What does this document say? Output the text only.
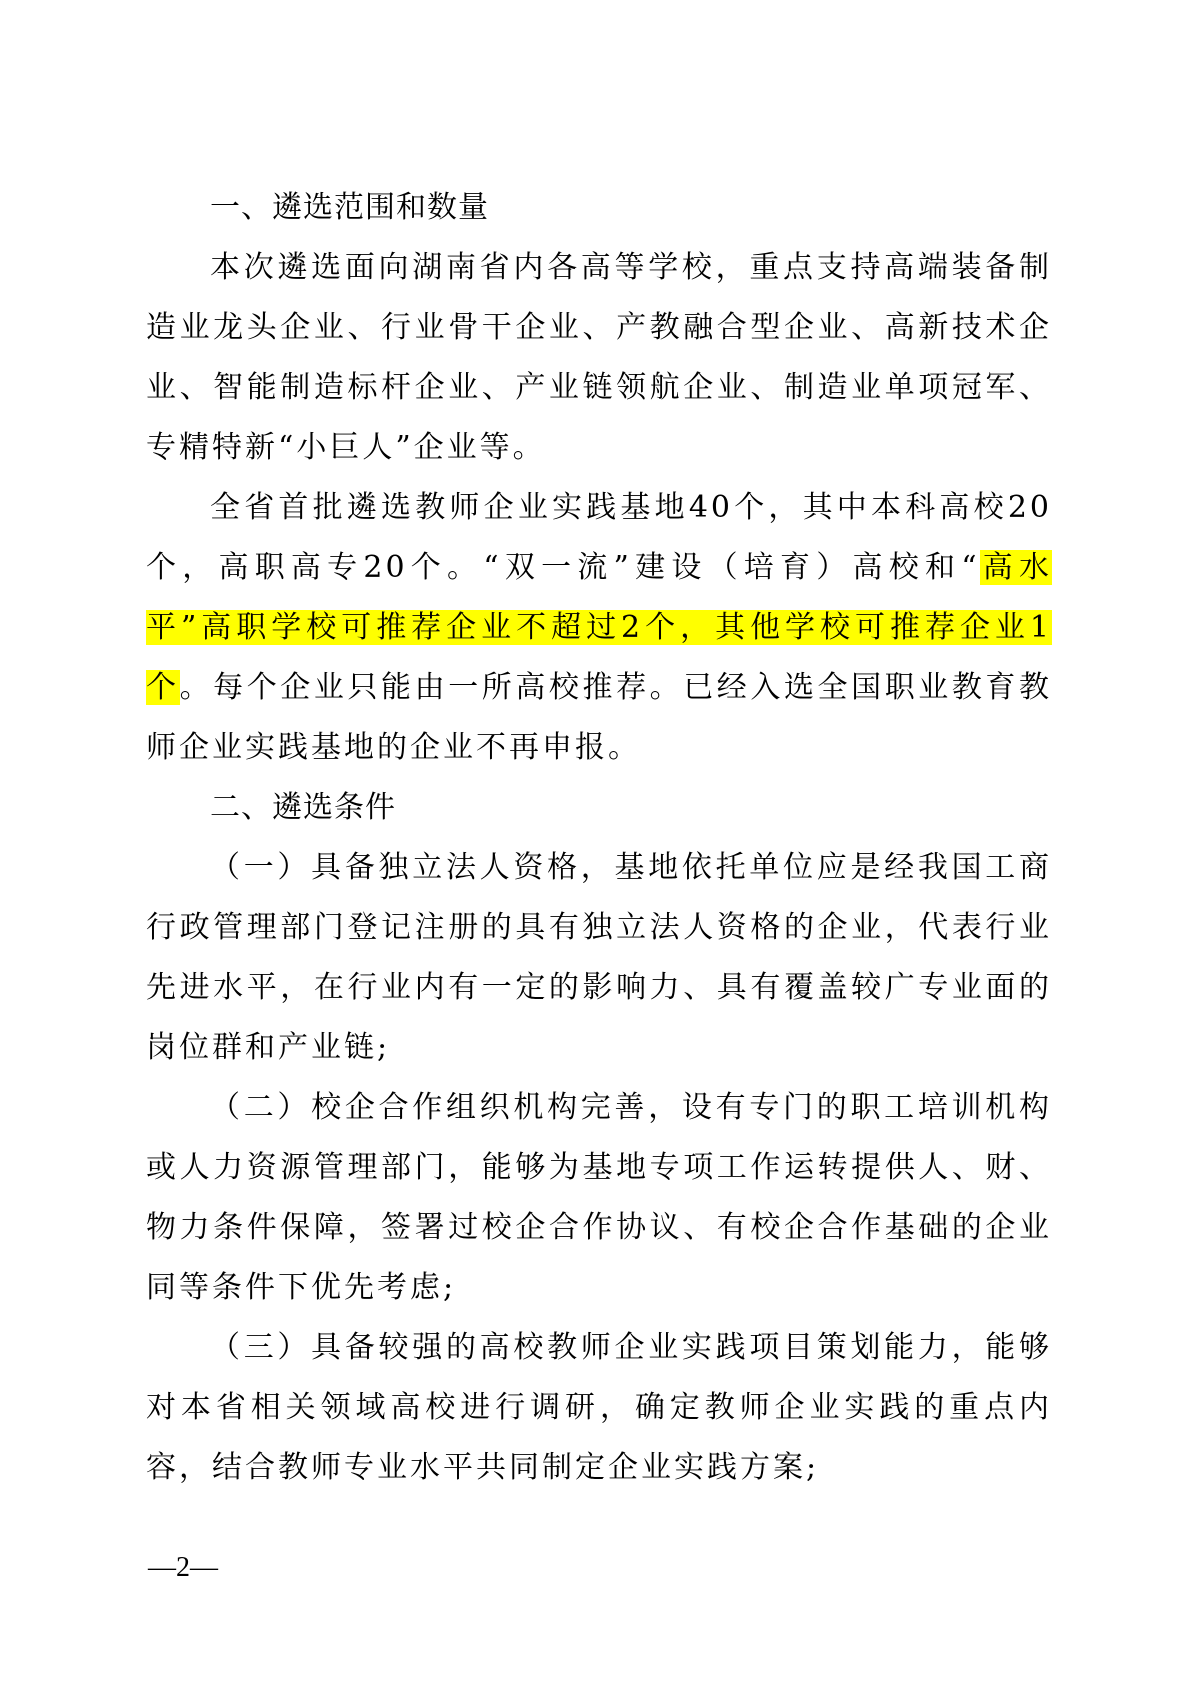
一、遴选范围和数量

本次遴选面向湖南省内各高等学校，重点支持高端装备制造业龙头企业、行业骨干企业、产教融合型企业、高新技术企业、智能制造标杆企业、产业链领航企业、制造业单项冠军、专精特新“小巨人”企业等。

全省首批遴选教师企业实践基地40个，其中本科高校20个，高职高专20个。“双一流”建设（培育）高校和“高水平”高职学校可推荐企业不超过2个，其他学校可推荐企业1个。每个企业只能由一所高校推荐。已经入选全国职业教育教师企业实践基地的企业不再申报。

二、遴选条件

（一）具备独立法人资格，基地依托单位应是经我国工商行政管理部门登记注册的具有独立法人资格的企业，代表行业先进水平，在行业内有一定的影响力、具有覆盖较广专业面的岗位群和产业链;

（二）校企合作组织机构完善，设有专门的职工培训机构或人力资源管理部门，能够为基地专项工作运转提供人、财、物力条件保障，签署过校企合作协议、有校企合作基础的企业同等条件下优先考虑;

（三）具备较强的高校教师企业实践项目策划能力，能够对本省相关领域高校进行调研，确定教师企业实践的重点内容，结合教师专业水平共同制定企业实践方案;

—2—
